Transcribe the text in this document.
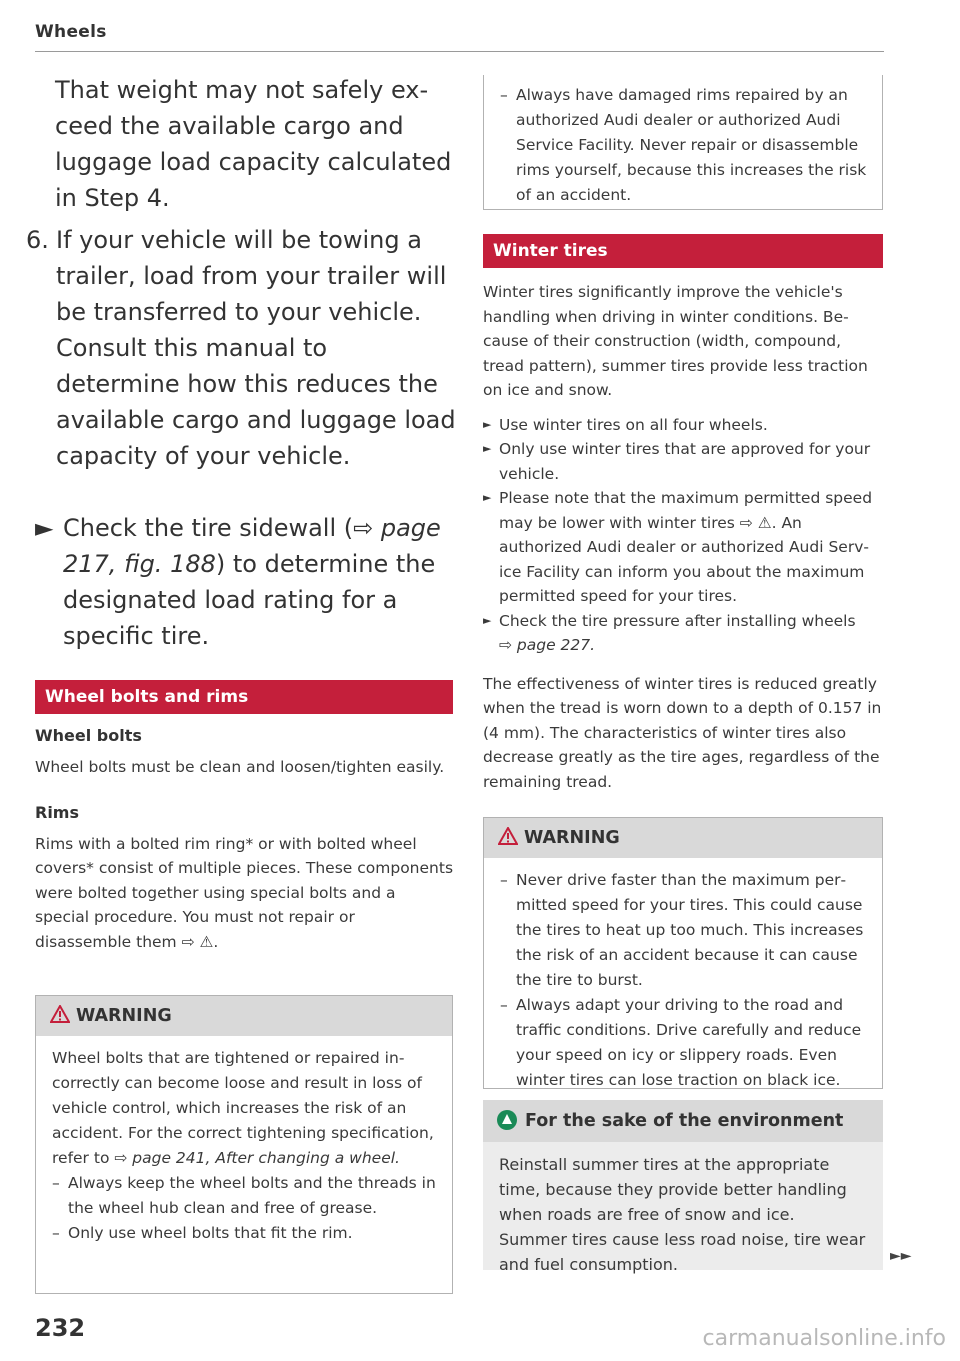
Wheels

That weight may not safely exceed the available cargo and luggage load capacity calculated in Step 4.

6. If your vehicle will be towing a trailer, load from your trailer will be transferred to your vehicle. Consult this manual to determine how this reduces the available cargo and luggage load capacity of your vehicle.

► Check the tire sidewall (⇨ page 217, fig. 188) to determine the designated load rating for a specific tire.

Wheel bolts and rims
Wheel bolts

Wheel bolts must be clean and loosen/tighten easily.

Rims

Rims with a bolted rim ring* or with bolted wheel covers* consist of multiple pieces. These components were bolted together using special bolts and a special procedure. You must not repair or disassemble them ⇨ ⚠.

WARNING

Wheel bolts that are tightened or repaired incorrectly can become loose and result in loss of vehicle control, which increases the risk of an accident. For the correct tightening specification, refer to ⇨ page 241, After changing a wheel.

– Always keep the wheel bolts and the threads in the wheel hub clean and free of grease.
– Only use wheel bolts that fit the rim.
– Always have damaged rims repaired by an authorized Audi dealer or authorized Audi Service Facility. Never repair or disassemble rims yourself, because this increases the risk of an accident.
Winter tires

Winter tires significantly improve the vehicle's handling when driving in winter conditions. Because of their construction (width, compound, tread pattern), summer tires provide less traction on ice and snow.

► Use winter tires on all four wheels.
► Only use winter tires that are approved for your vehicle.
► Please note that the maximum permitted speed may be lower with winter tires ⇨ ⚠. An authorized Audi dealer or authorized Audi Service Facility can inform you about the maximum permitted speed for your tires.
► Check the tire pressure after installing wheels
⇨ page 227.

The effectiveness of winter tires is reduced greatly when the tread is worn down to a depth of 0.157 in (4 mm). The characteristics of winter tires also decrease greatly as the tire ages, regardless of the remaining tread.

WARNING
– Never drive faster than the maximum permitted speed for your tires. This could cause the tires to heat up too much. This increases the risk of an accident because it can cause the tire to burst.
– Always adapt your driving to the road and traffic conditions. Drive carefully and reduce your speed on icy or slippery roads. Even winter tires can lose traction on black ice.
For the sake of the environment
Reinstall summer tires at the appropriate time, because they provide better handling when roads are free of snow and ice. Summer tires cause less road noise, tire wear and fuel consumption.	►►
232	carmanualsonline.info
